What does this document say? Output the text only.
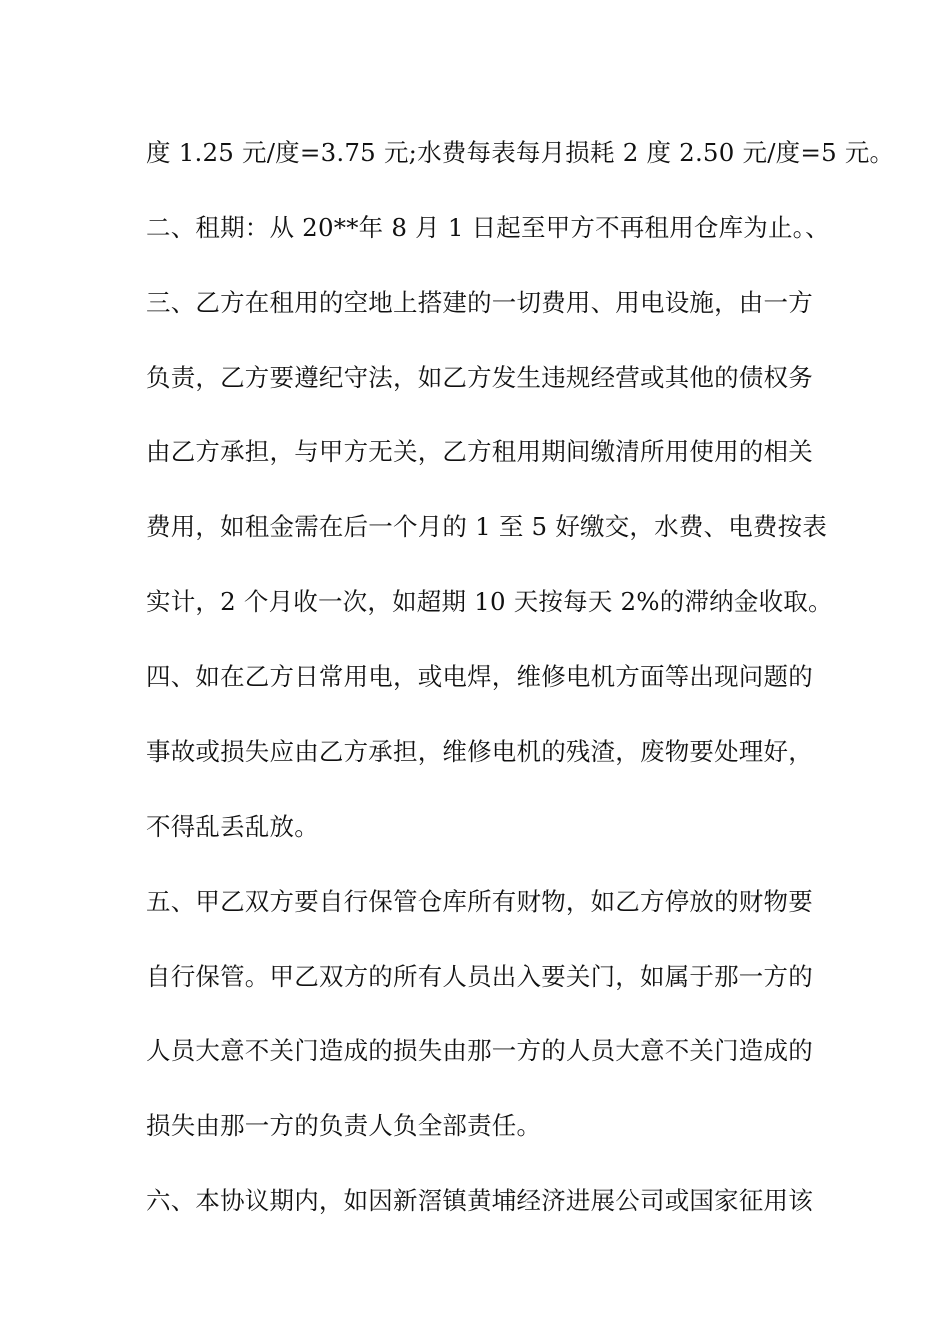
度 1.25 元/度=3.75 元;水费每表每月损耗 2 度 2.50 元/度=5 元。
二、租期：从 20**年 8 月 1 日起至甲方不再租用仓库为止。、
三、乙方在租用的空地上搭建的一切费用、用电设施，由一方
负责，乙方要遵纪守法，如乙方发生违规经营或其他的债权务
由乙方承担，与甲方无关，乙方租用期间缴清所用使用的相关
费用，如租金需在后一个月的 1 至 5 好缴交，水费、电费按表
实计，2 个月收一次，如超期 10 天按每天 2%的滞纳金收取。
四、如在乙方日常用电，或电焊，维修电机方面等出现问题的
事故或损失应由乙方承担，维修电机的残渣，废物要处理好，
不得乱丢乱放。
五、甲乙双方要自行保管仓库所有财物，如乙方停放的财物要
自行保管。甲乙双方的所有人员出入要关门，如属于那一方的
人员大意不关门造成的损失由那一方的人员大意不关门造成的
损失由那一方的负责人负全部责任。
六、本协议期内，如因新滘镇黄埔经济进展公司或国家征用该
